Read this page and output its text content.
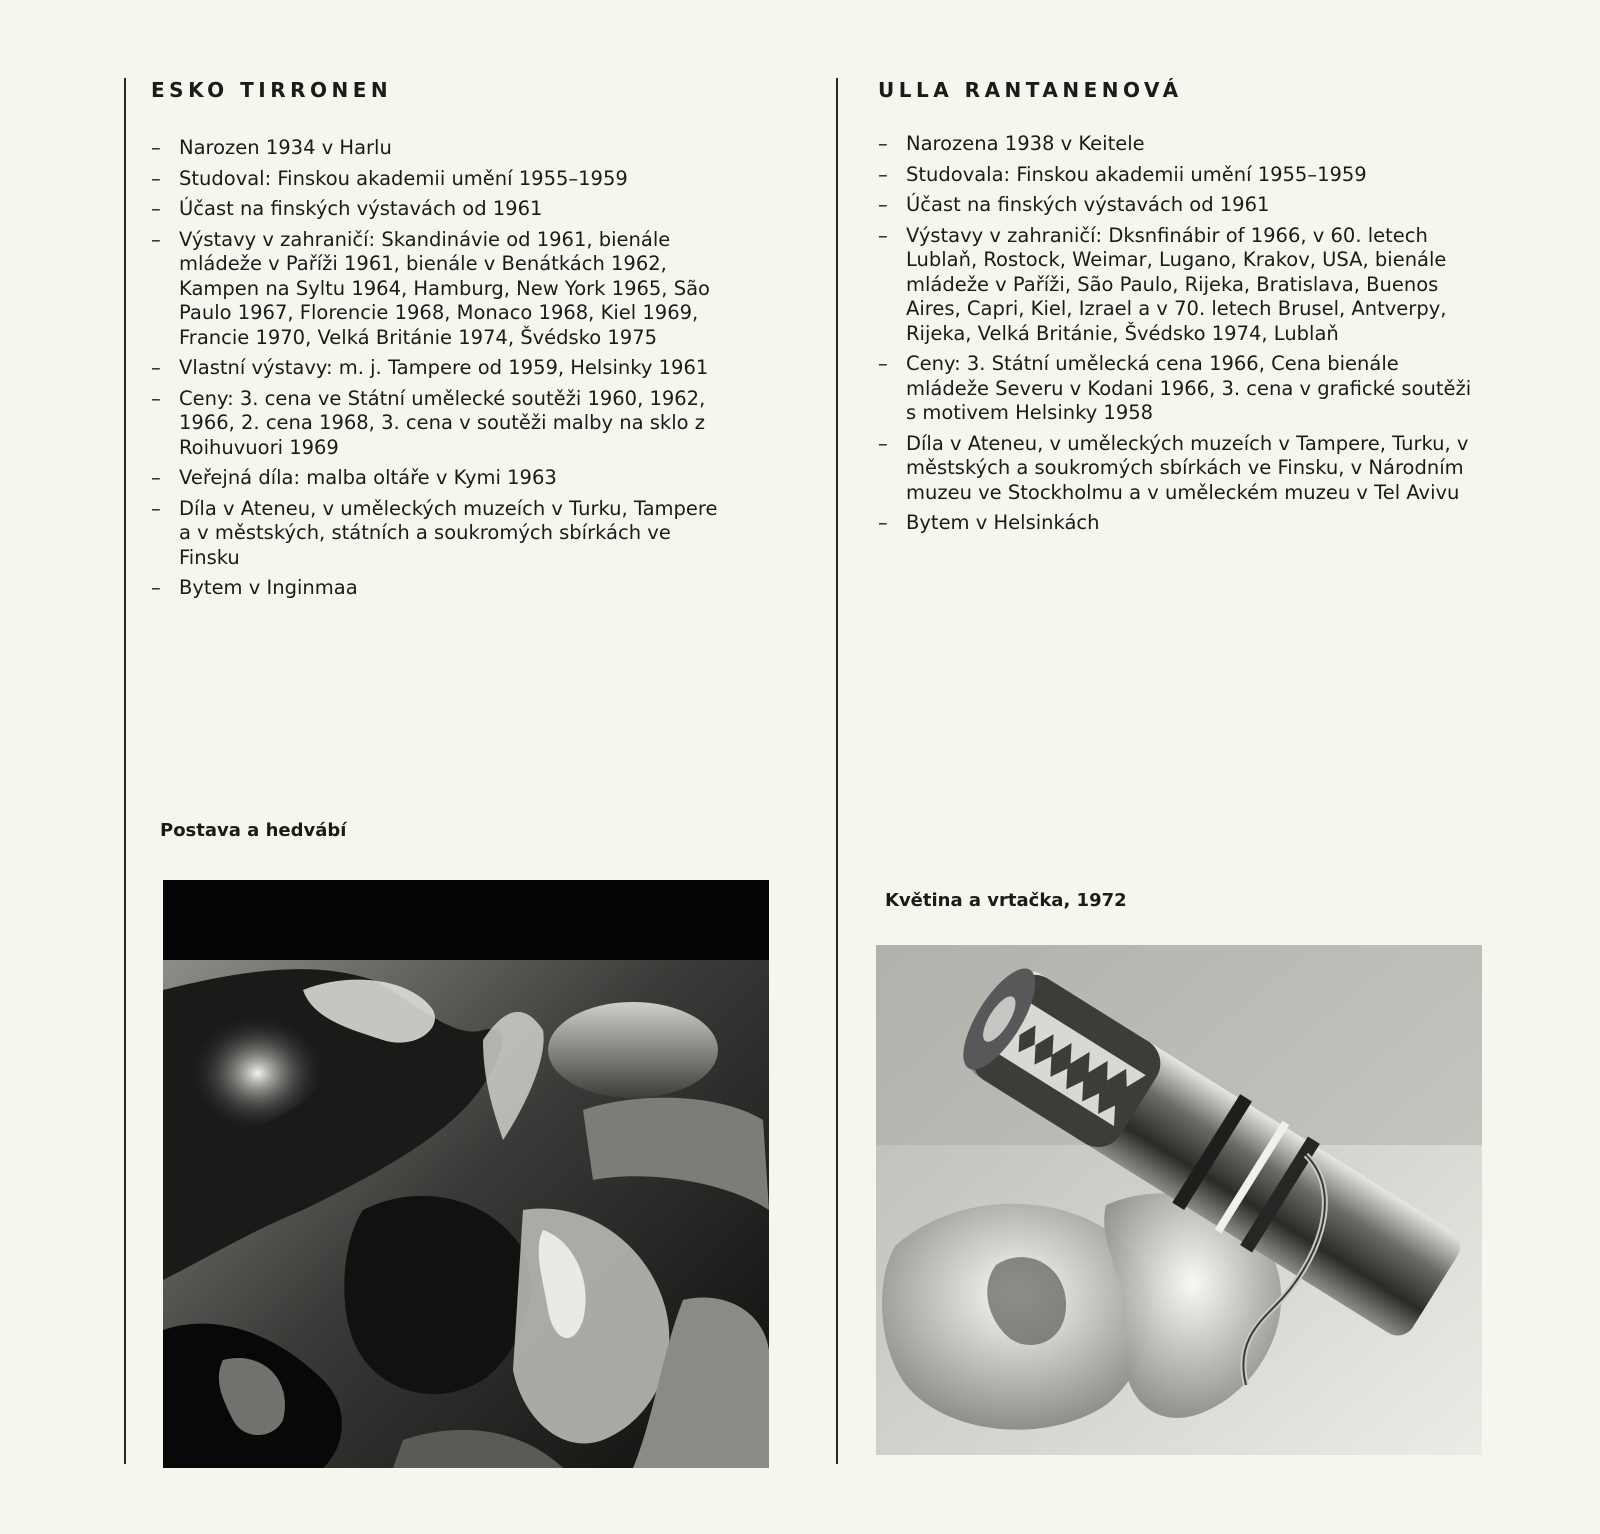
ESKO TIRRONEN
– Narozen 1934 v Harlu
– Studoval: Finskou akademii umění 1955–1959
– Účast na finských výstavách od 1961
– Výstavy v zahraničí: Skandinávie od 1961, bienále mládeže v Paříži 1961, bienále v Benátkách 1962, Kampen na Syltu 1964, Hamburg, New York 1965, São Paulo 1967, Florencie 1968, Monaco 1968, Kiel 1969, Francie 1970, Velká Británie 1974, Švédsko 1975
– Vlastní výstavy: m. j. Tampere od 1959, Helsinky 1961
– Ceny: 3. cena ve Státní umělecké soutěži 1960, 1962, 1966, 2. cena 1968, 3. cena v soutěži malby na sklo z Roihuvuori 1969
– Veřejná díla: malba oltáře v Kymi 1963
– Díla v Ateneu, v uměleckých muzeích v Turku, Tampere a v městských, státních a soukromých sbírkách ve Finsku
– Bytem v Inginmaa

Postava a hedvábí

ULLA RANTANENOVÁ
– Narozena 1938 v Keitele
– Studovala: Finskou akademii umění 1955–1959
– Účast na finských výstavách od 1961
– Výstavy v zahraničí: Dksnfinábir of 1966, v 60. letech Lublaň, Rostock, Weimar, Lugano, Krakov, USA, bienále mládeže v Paříži, São Paulo, Rijeka, Bratislava, Buenos Aires, Capri, Kiel, Izrael a v 70. letech Brusel, Antverpy, Rijeka, Velká Británie, Švédsko 1974, Lublaň
– Ceny: 3. Státní umělecká cena 1966, Cena bienále mládeže Severu v Kodani 1966, 3. cena v grafické soutěži s motivem Helsinky 1958
– Díla v Ateneu, v uměleckých muzeích v Tampere, Turku, v městských a soukromých sbírkách ve Finsku, v Národním muzeu ve Stockholmu a v uměleckém muzeu v Tel Avivu
– Bytem v Helsinkách

Květina a vrtačka, 1972
